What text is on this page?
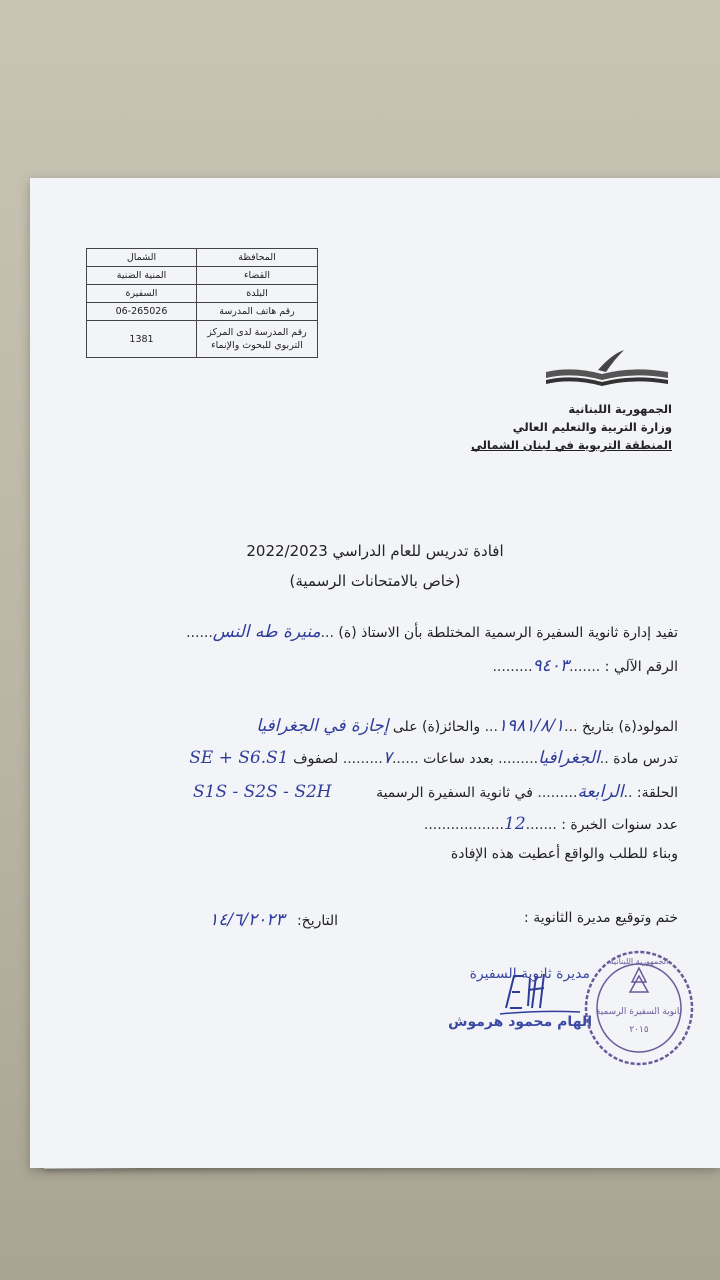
المحافظة	الشمال
القضاء	المنية الضنية
البلدة	السفيرة
رقم هاتف المدرسة	06-265026
رقم المدرسة لدى المركز التربوي للبحوث والإنماء	1381
الجمهورية اللبنانية
وزارة التربية والتعليم العالي
المنطقة التربوية في لبنان الشمالي
افادة تدريس للعام الدراسي 2022/2023
(خاص بالامتحانات الرسمية)
تفيد إدارة ثانوية السفيرة الرسمية المختلطة بأن الاستاذ (ة) ...منيرة طه النس......
الرقم الآلي : .......٩٤٠٣.........
المولود(ة) بتاريخ ...١٩٨١/٨/١... والحائز(ة) على إجازة في الجغرافيا
تدرس مادة ..الجغرافيا......... بعدد ساعات ......٧......... لصفوف SE + S6.S1
الحلقة: ..الرابعة......... في ثانوية السفيرة الرسمية S1S - S2S - S2H
عدد سنوات الخبرة : .......12..................
وبناء للطلب والواقع أعطيت هذه الإفادة
ختم وتوقيع مديرة الثانوية :
التاريخ: ١٤/٦/٢٠٢٣
مديرة ثانوية السفيرة
الهام محمود هرموش
الجمهورية اللبنانية
ثانوية السفيرة الرسمية
٢٠١٥
